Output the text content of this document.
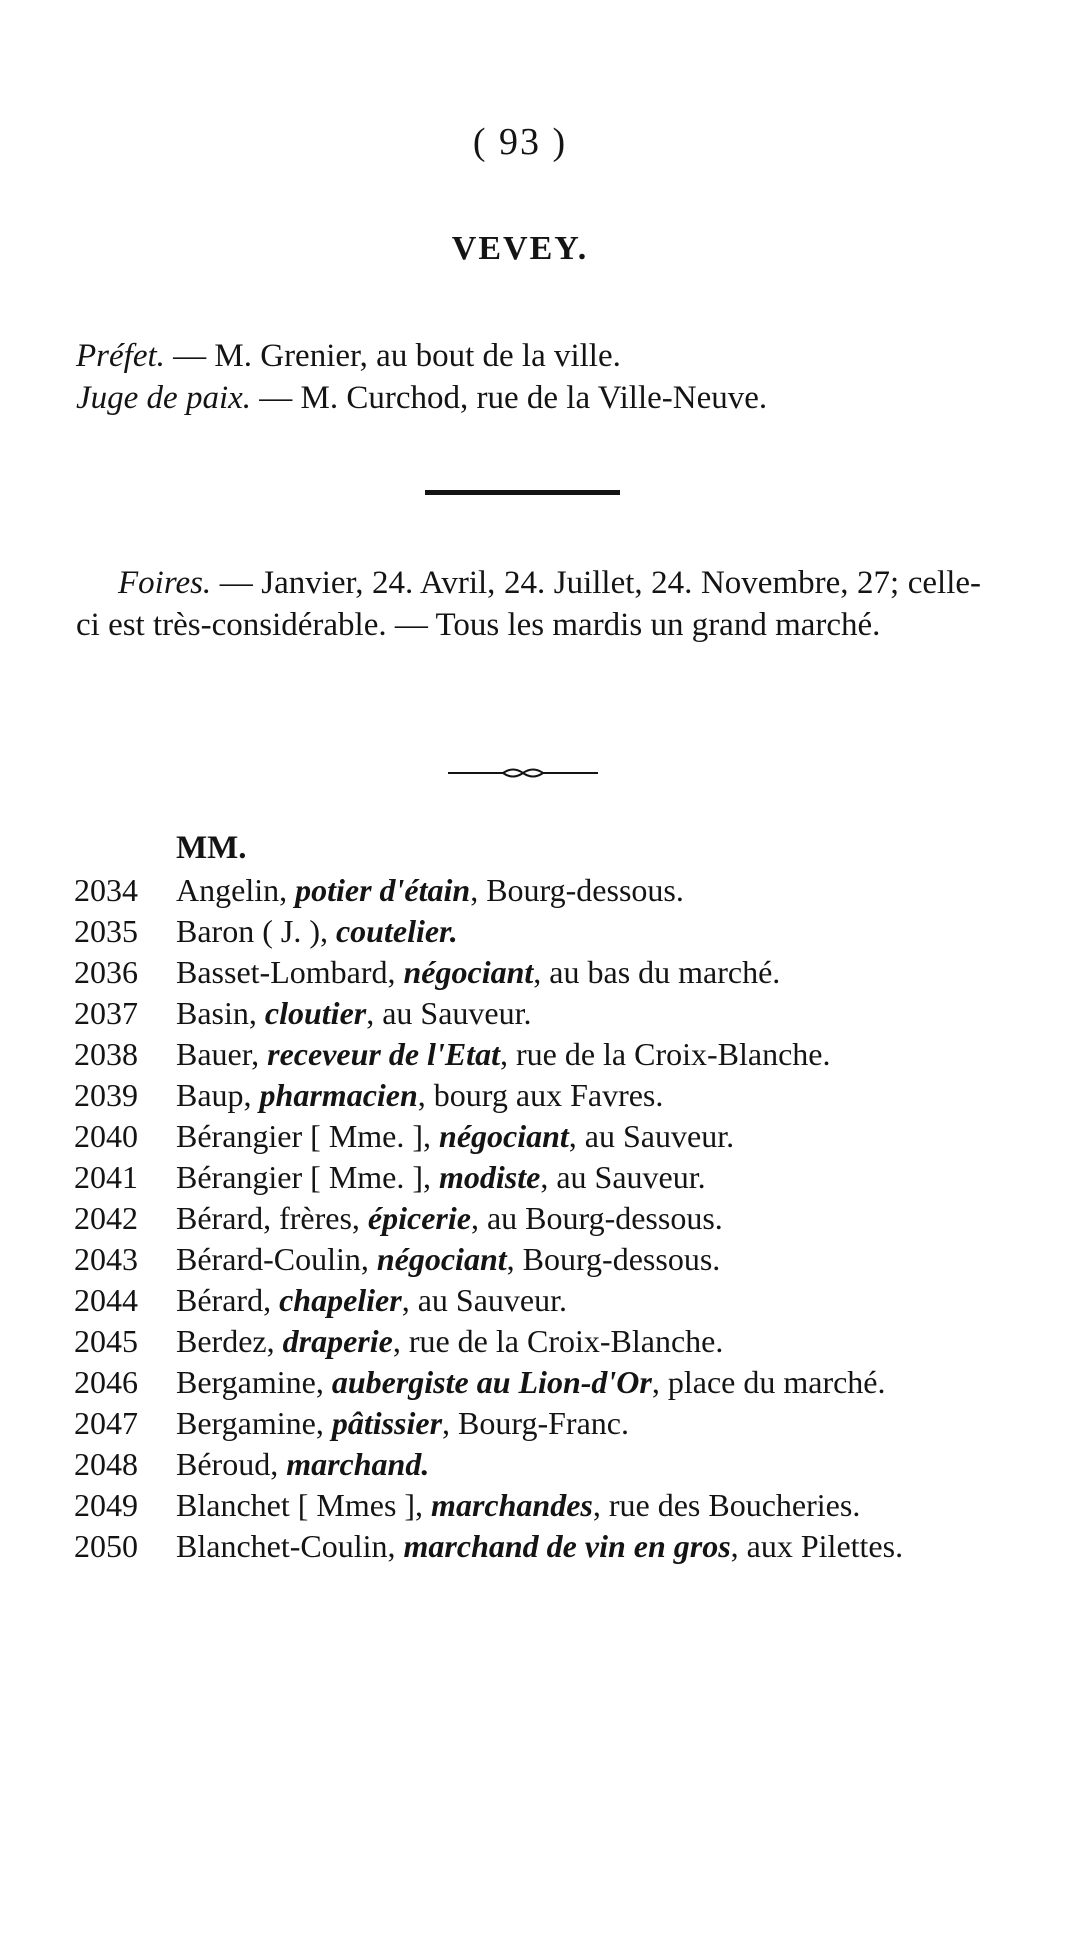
( 93 )
VEVEY.
Préfet. — M. Grenier, au bout de la ville.
Juge de paix. — M. Curchod, rue de la Ville-Neuve.
Foires. — Janvier, 24. Avril, 24. Juillet, 24. Novembre, 27; celle-ci est très-considérable. — Tous les mardis un grand marché.
MM.
2034	Angelin, potier d'étain, Bourg-dessous.
2035	Baron ( J. ), coutelier.
2036	Basset-Lombard, négociant, au bas du marché.
2037	Basin, cloutier, au Sauveur.
2038	Bauer, receveur de l'Etat, rue de la Croix-Blanche.
2039	Baup, pharmacien, bourg aux Favres.
2040	Bérangier [ Mme. ], négociant, au Sauveur.
2041	Bérangier [ Mme. ], modiste, au Sauveur.
2042	Bérard, frères, épicerie, au Bourg-dessous.
2043	Bérard-Coulin, négociant, Bourg-dessous.
2044	Bérard, chapelier, au Sauveur.
2045	Berdez, draperie, rue de la Croix-Blanche.
2046	Bergamine, aubergiste au Lion-d'Or, place du marché.
2047	Bergamine, pâtissier, Bourg-Franc.
2048	Béroud, marchand.
2049	Blanchet [ Mmes ], marchandes, rue des Boucheries.
2050	Blanchet-Coulin, marchand de vin en gros, aux Pilettes.
